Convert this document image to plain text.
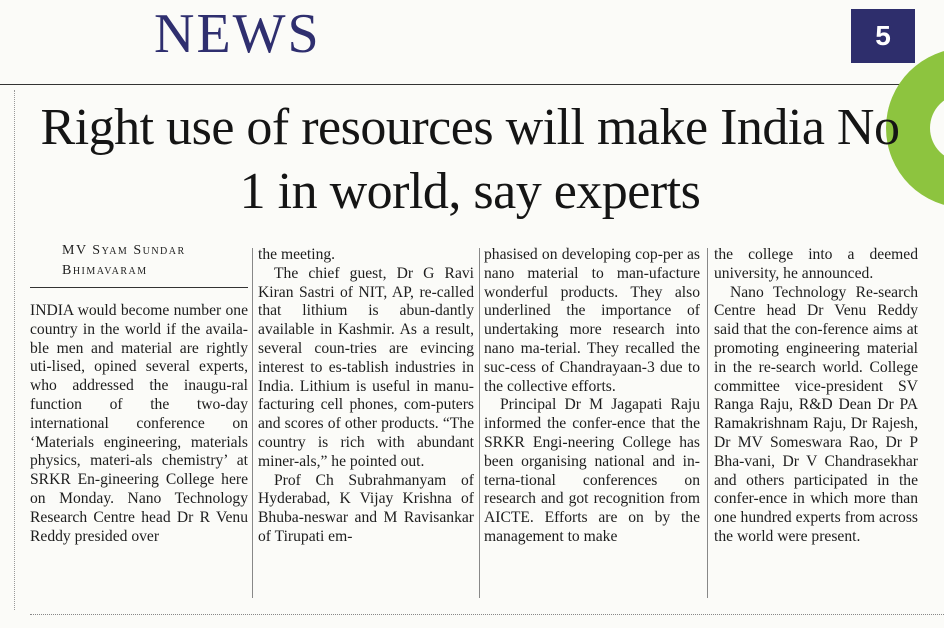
NEWS	5
Right use of resources will make India No 1 in world, say experts
MV Syam Sundar
Bhimavaram

INDIA would become number one country in the world if the availa-ble men and material are rightly uti-lised, opined several experts, who addressed the inaugu-ral function of the two-day international conference on ‘Materials engineering, materials physics, materi-als chemistry’ at SRKR En-gineering College here on Monday. Nano Technology Research Centre head Dr R Venu Reddy presided over

the meeting.

The chief guest, Dr G Ravi Kiran Sastri of NIT, AP, re-called that lithium is abun-dantly available in Kashmir. As a result, several coun-tries are evincing interest to es-tablish industries in India. Lithium is useful in manu-facturing cell phones, com-puters and scores of other products. “The country is rich with abundant miner-als,” he pointed out.

Prof Ch Subrahmanyam of Hyderabad, K Vijay Krishna of Bhuba-neswar and M Ravisankar of Tirupati em-

phasised on developing cop-per as nano material to man-ufacture wonderful products. They also underlined the importance of undertaking more research into nano ma-terial. They recalled the suc-cess of Chandrayaan-3 due to the collective efforts.

Principal Dr M Jagapati Raju informed the confer-ence that the SRKR Engi-neering College has been organising national and in-terna-tional conferences on research and got recognition from AICTE. Efforts are on by the management to make

the college into a deemed university, he announced.

Nano Technology Re-search Centre head Dr Venu Reddy said that the con-ference aims at promoting engineering material in the re-search world. College committee vice-president SV Ranga Raju, R&D Dean Dr PA Ramakrishnam Raju, Dr Rajesh, Dr MV Someswara Rao, Dr P Bha-vani, Dr V Chandrasekhar and others participated in the confer-ence in which more than one hundred experts from across the world were present.
